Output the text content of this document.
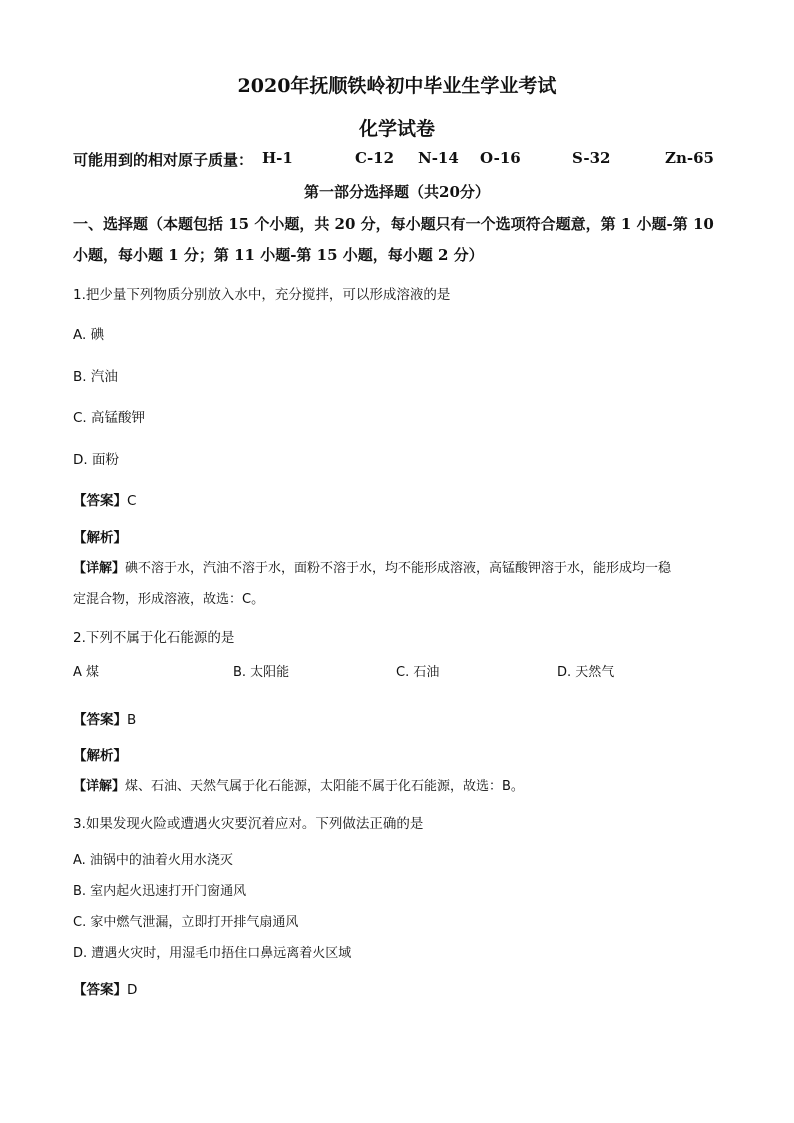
2020年抚顺铁岭初中毕业生学业考试
化学试卷
可能用到的相对原子质量： H-1	C-12 N-14 O-16	S-32	Zn-65
第一部分选择题（共20分）
一、选择题（本题包括 15 个小题，共 20 分，每小题只有一个选项符合题意，第 1 小题-第 10
小题，每小题 1 分；第 11 小题-第 15 小题，每小题 2 分）
1.把少量下列物质分别放入水中，充分搅拌，可以形成溶液的是
A. 碘
B. 汽油
C. 高锰酸钾
D. 面粉
【答案】C
【解析】
【详解】碘不溶于水，汽油不溶于水，面粉不溶于水，均不能形成溶液，高锰酸钾溶于水，能形成均一稳
定混合物，形成溶液，故选：C。
2.下列不属于化石能源的是
A 煤	B. 太阳能	C. 石油	D. 天然气
【答案】B
【解析】
【详解】煤、石油、天然气属于化石能源，太阳能不属于化石能源，故选：B。
3.如果发现火险或遭遇火灾要沉着应对。下列做法正确的是
A. 油锅中的油着火用水浇灭
B. 室内起火迅速打开门窗通风
C. 家中燃气泄漏，立即打开排气扇通风
D. 遭遇火灾时，用湿毛巾捂住口鼻远离着火区域
【答案】D
